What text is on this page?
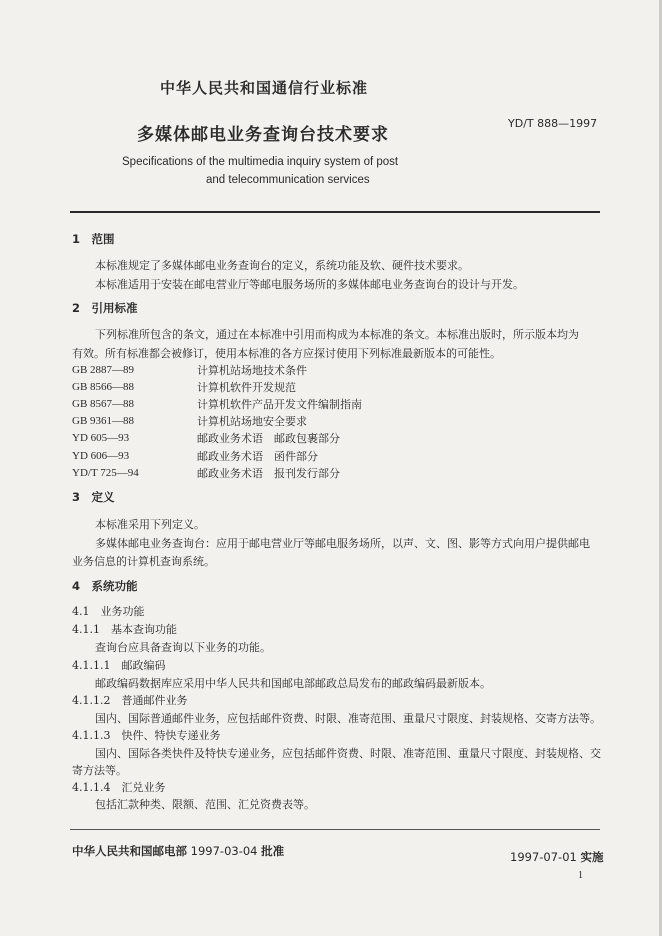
中华人民共和国通信行业标准
YD/T 888—1997
多媒体邮电业务查询台技术要求
Specifications of the multimedia inquiry system of post
and telecommunication services
1　范围
本标准规定了多媒体邮电业务查询台的定义，系统功能及软、硬件技术要求。
本标准适用于安装在邮电营业厅等邮电服务场所的多媒体邮电业务查询台的设计与开发。
2　引用标准
下列标准所包含的条文，通过在本标准中引用而构成为本标准的条文。本标准出版时，所示版本均为
有效。所有标准都会被修订，使用本标准的各方应探讨使用下列标准最新版本的可能性。
GB 2887—89	计算机站场地技术条件
GB 8566—88	计算机软件开发规范
GB 8567—88	计算机软件产品开发文件编制指南
GB 9361—88	计算机站场地安全要求
YD 605—93	邮政业务术语　邮政包裹部分
YD 606—93	邮政业务术语　函件部分
YD/T 725—94	邮政业务术语　报刊发行部分
3　定义
本标准采用下列定义。
多媒体邮电业务查询台：应用于邮电营业厅等邮电服务场所，以声、文、图、影等方式向用户提供邮电
业务信息的计算机查询系统。
4　系统功能
4.1　业务功能
4.1.1　基本查询功能
查询台应具备查询以下业务的功能。
4.1.1.1　邮政编码
邮政编码数据库应采用中华人民共和国邮电部邮政总局发布的邮政编码最新版本。
4.1.1.2　普通邮件业务
国内、国际普通邮件业务，应包括邮件资费、时限、准寄范围、重量尺寸限度、封装规格、交寄方法等。
4.1.1.3　快件、特快专递业务
国内、国际各类快件及特快专递业务，应包括邮件资费、时限、准寄范围、重量尺寸限度、封装规格、交
寄方法等。
4.1.1.4　汇兑业务
包括汇款种类、限额、范围、汇兑资费表等。
中华人民共和国邮电部 1997-03-04 批准	1997-07-01 实施
1
